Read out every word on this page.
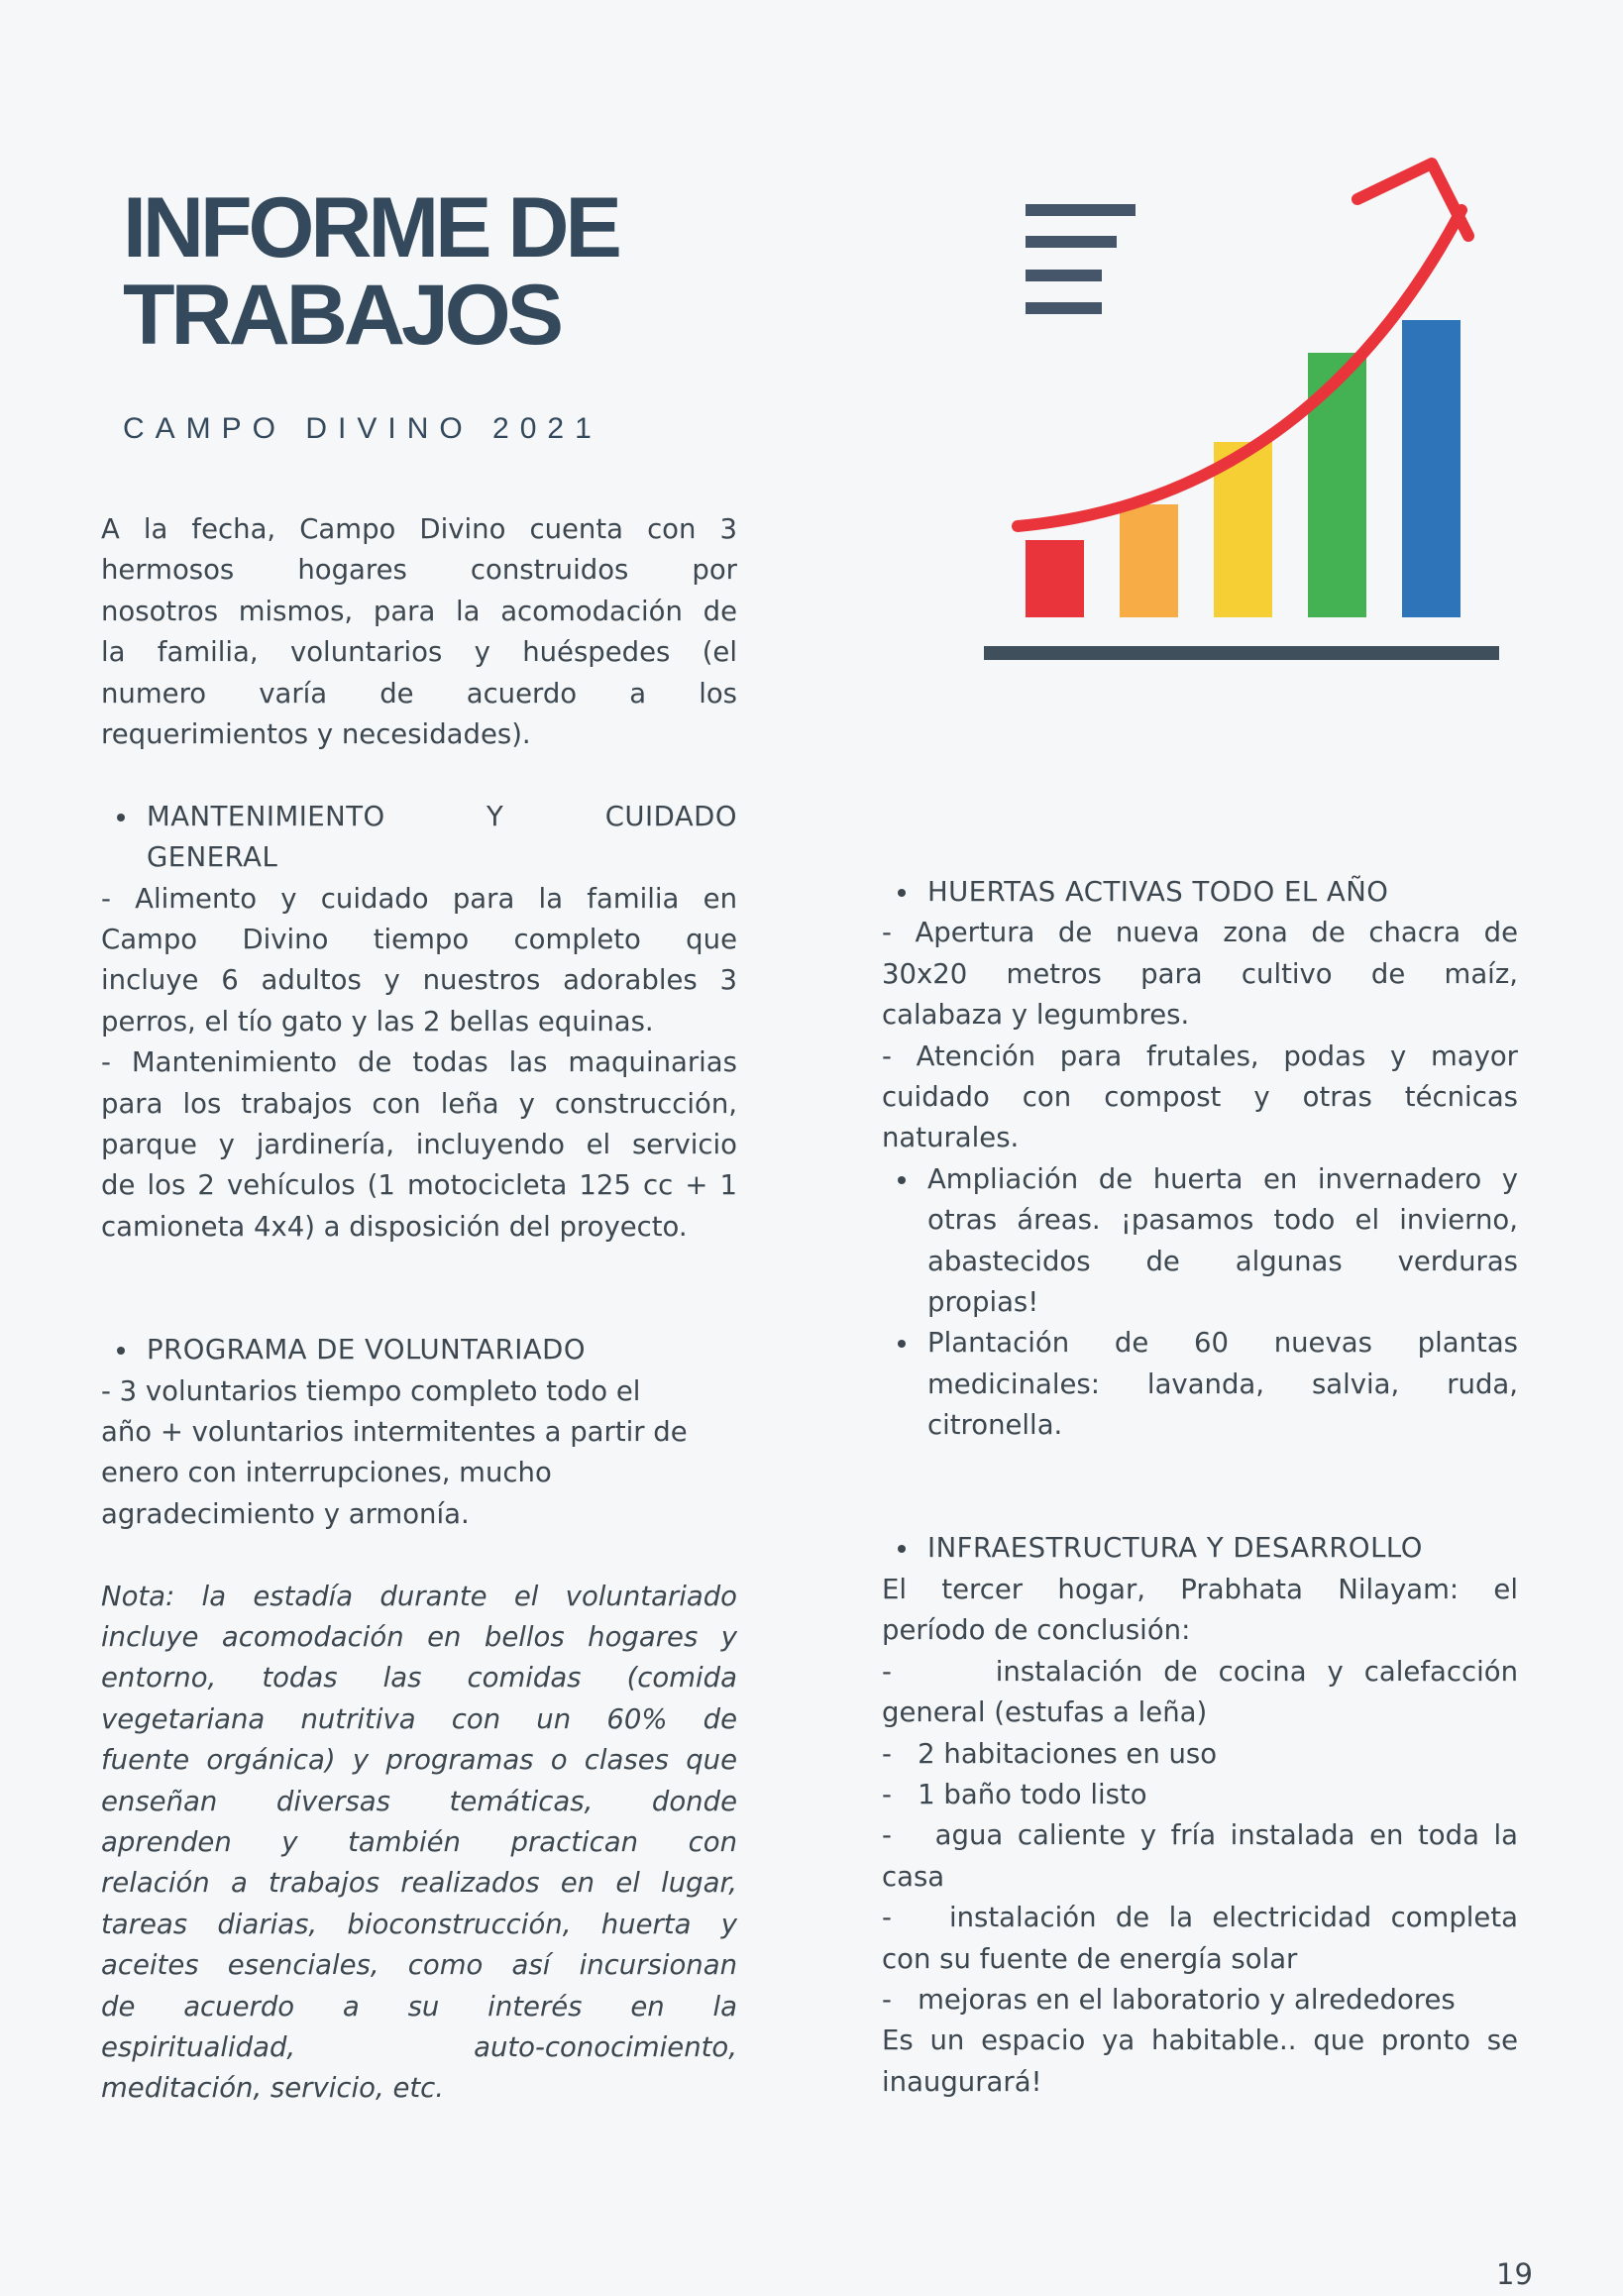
INFORME DE
TRABAJOS
CAMPO DIVINO 2021

A la fecha, Campo Divino cuenta con 3

hermosos hogares construidos por

nosotros mismos, para la acomodación de

la familia, voluntarios y huéspedes (el

numero varía de acuerdo a los

requerimientos y necesidades).

MANTENIMIENTO Y CUIDADO

GENERAL

- Alimento y cuidado para la familia en

Campo Divino tiempo completo que

incluye 6 adultos y nuestros adorables 3

perros, el tío gato y las 2 bellas equinas.

- Mantenimiento de todas las maquinarias

para los trabajos con leña y construcción,

parque y jardinería, incluyendo el servicio

de los 2 vehículos (1 motocicleta 125 cc + 1

camioneta 4x4) a disposición del proyecto.

PROGRAMA DE VOLUNTARIADO

- 3 voluntarios tiempo completo todo el

año + voluntarios intermitentes a partir de

enero con interrupciones, mucho

agradecimiento y armonía.

Nota: la estadía durante el voluntariado

incluye acomodación en bellos hogares y

entorno, todas las comidas (comida

vegetariana nutritiva con un 60% de

fuente orgánica) y programas o clases que

enseñan diversas temáticas, donde

aprenden y también practican con

relación a trabajos realizados en el lugar,

tareas diarias, bioconstrucción, huerta y

aceites esenciales, como así incursionan

de acuerdo a su interés en la

espiritualidad, auto-conocimiento,

meditación, servicio, etc.

HUERTAS ACTIVAS TODO EL AÑO

- Apertura de nueva zona de chacra de

30x20 metros para cultivo de maíz,

calabaza y legumbres.

- Atención para frutales, podas y mayor

cuidado con compost y otras técnicas

naturales.

Ampliación de huerta en invernadero y

otras áreas. ¡pasamos todo el invierno,

abastecidos de algunas verduras

propias!

Plantación de 60 nuevas plantas

medicinales: lavanda, salvia, ruda,

citronella.

INFRAESTRUCTURA Y DESARROLLO

El tercer hogar, Prabhata Nilayam: el

período de conclusión:

-     instalación de cocina y calefacción

general (estufas a leña)

-   2 habitaciones en uso

-   1 baño todo listo

-   agua caliente y fría instalada en toda la

casa

-   instalación de la electricidad completa

con su fuente de energía solar

-   mejoras en el laboratorio y alrededores

Es un espacio ya habitable.. que pronto se

inaugurará!

19
